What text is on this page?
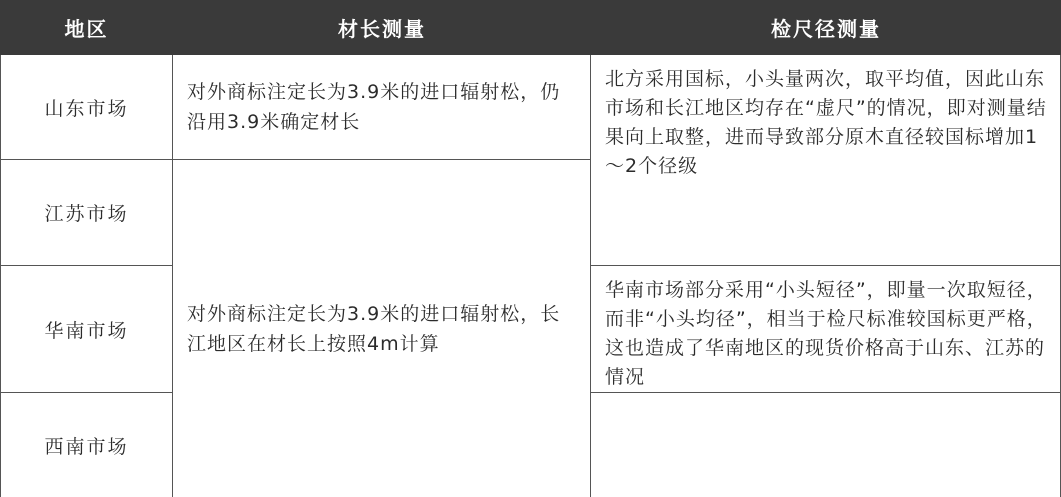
地区	材长测量	检尺径测量
山东市场
江苏市场
华南市场
西南市场
对外商标注定长为3.9米的进口辐射松，仍沿用3.9米确定材长
对外商标注定长为3.9米的进口辐射松，长江地区在材长上按照4m计算
北方采用国标，小头量两次，取平均值，因此山东市场和长江地区均存在“虚尺”的情况，即对测量结果向上取整，进而导致部分原木直径较国标增加1～2个径级
华南市场部分采用“小头短径”，即量一次取短径，而非“小头均径”，相当于检尺标准较国标更严格，这也造成了华南地区的现货价格高于山东、江苏的情况
